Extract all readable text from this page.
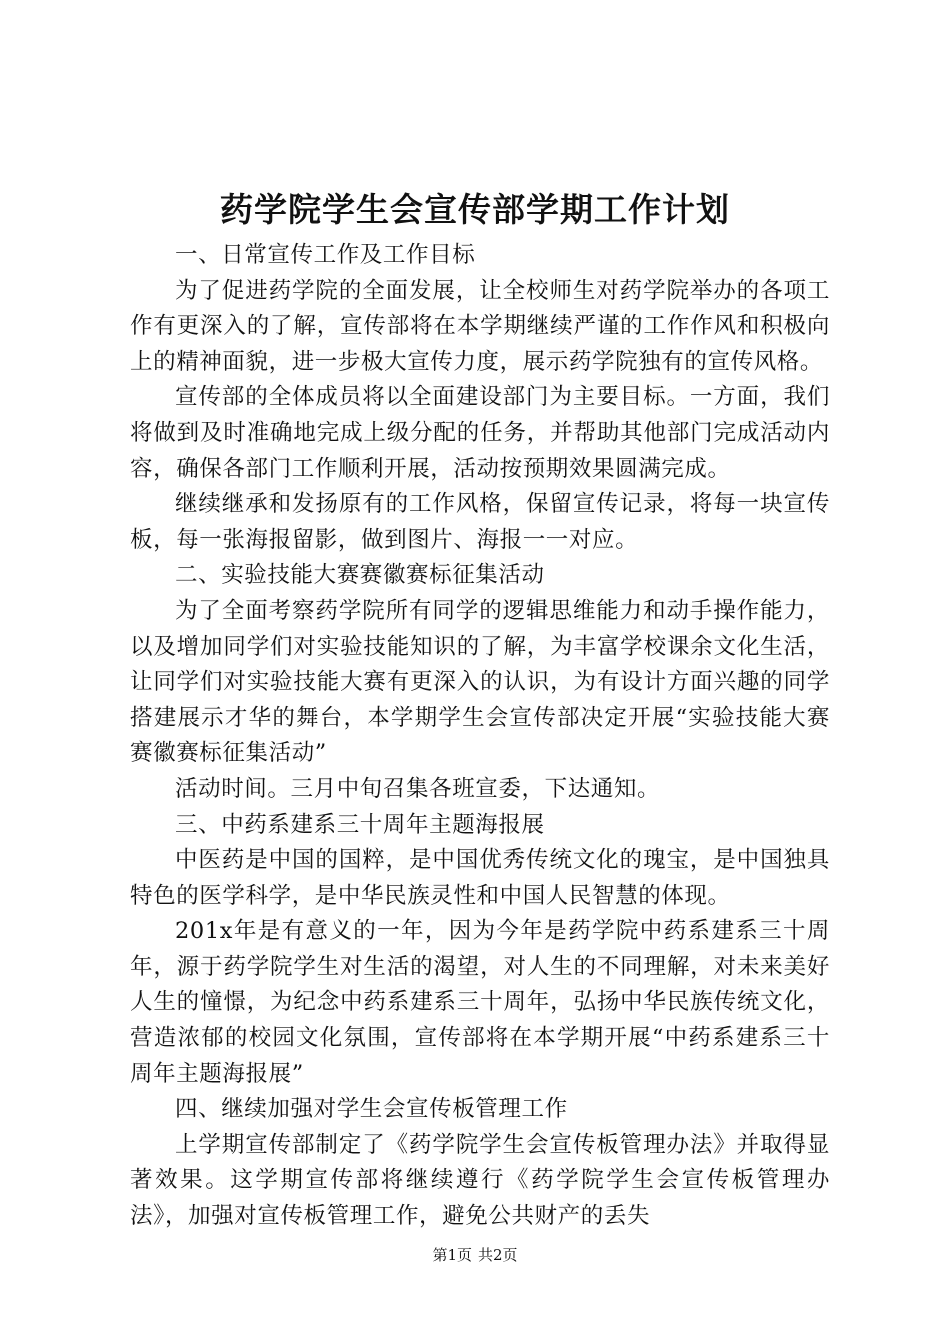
药学院学生会宣传部学期工作计划

一、日常宣传工作及工作目标

为了促进药学院的全面发展，让全校师生对药学院举办的各项工作有更深入的了解，宣传部将在本学期继续严谨的工作作风和积极向上的精神面貌，进一步极大宣传力度，展示药学院独有的宣传风格。

宣传部的全体成员将以全面建设部门为主要目标。一方面，我们将做到及时准确地完成上级分配的任务，并帮助其他部门完成活动内容，确保各部门工作顺利开展，活动按预期效果圆满完成。

继续继承和发扬原有的工作风格，保留宣传记录，将每一块宣传板，每一张海报留影，做到图片、海报一一对应。

二、实验技能大赛赛徽赛标征集活动

为了全面考察药学院所有同学的逻辑思维能力和动手操作能力，以及增加同学们对实验技能知识的了解，为丰富学校课余文化生活，让同学们对实验技能大赛有更深入的认识，为有设计方面兴趣的同学搭建展示才华的舞台，本学期学生会宣传部决定开展“实验技能大赛赛徽赛标征集活动”

活动时间。三月中旬召集各班宣委，下达通知。

三、中药系建系三十周年主题海报展

中医药是中国的国粹，是中国优秀传统文化的瑰宝，是中国独具特色的医学科学，是中华民族灵性和中国人民智慧的体现。

201x年是有意义的一年，因为今年是药学院中药系建系三十周年，源于药学院学生对生活的渴望，对人生的不同理解，对未来美好人生的憧憬，为纪念中药系建系三十周年，弘扬中华民族传统文化，营造浓郁的校园文化氛围，宣传部将在本学期开展“中药系建系三十周年主题海报展”

四、继续加强对学生会宣传板管理工作

上学期宣传部制定了《药学院学生会宣传板管理办法》并取得显著效果。这学期宣传部将继续遵行《药学院学生会宣传板管理办法》，加强对宣传板管理工作，避免公共财产的丢失

第1页 共2页
